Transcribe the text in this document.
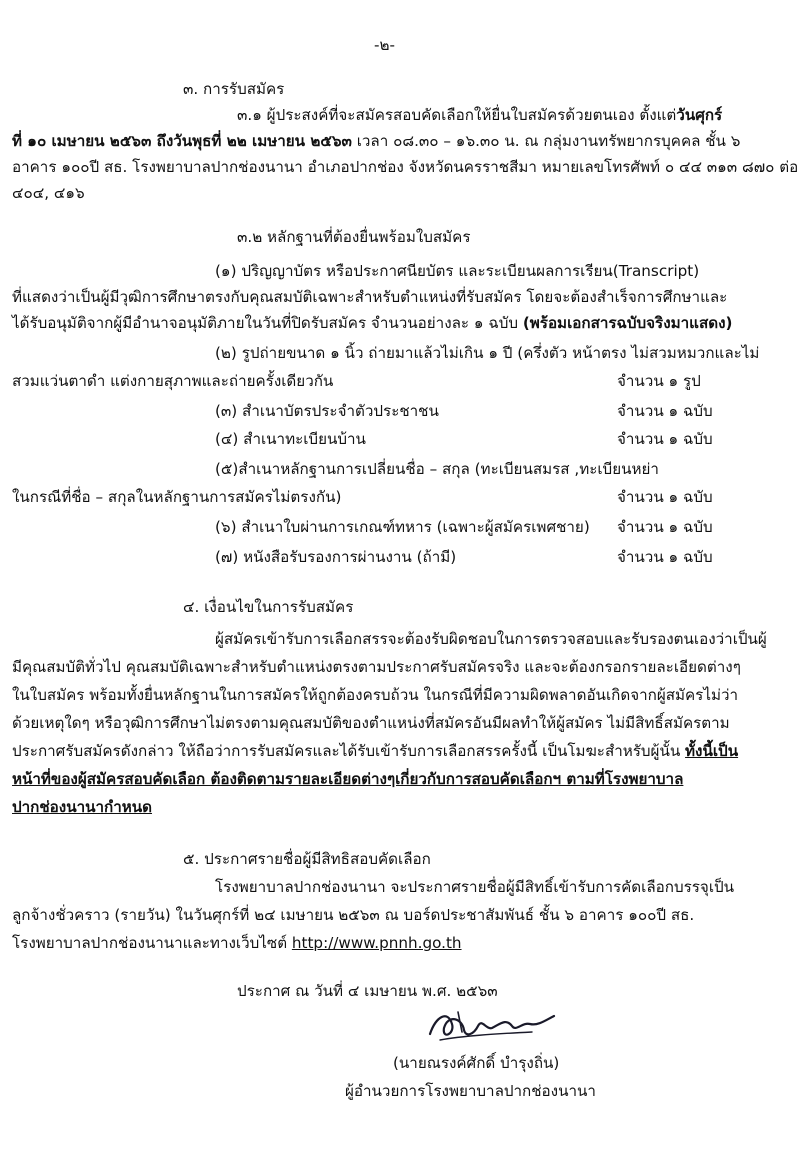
-๒-
๓. การรับสมัคร
๓.๑ ผู้ประสงค์ที่จะสมัครสอบคัดเลือกให้ยื่นใบสมัครด้วยตนเอง ตั้งแต่วันศุกร์
ที่ ๑๐ เมษายน ๒๕๖๓ ถึงวันพุธที่ ๒๒ เมษายน ๒๕๖๓ เวลา ๐๘.๓๐ – ๑๖.๓๐ น. ณ กลุ่มงานทรัพยากรบุคคล ชั้น ๖
อาคาร ๑๐๐ปี สธ. โรงพยาบาลปากช่องนานา อำเภอปากช่อง จังหวัดนครราชสีมา หมายเลขโทรศัพท์ ๐ ๔๔ ๓๑๓ ๘๗๐ ต่อ
๔๐๔, ๔๑๖
๓.๒ หลักฐานที่ต้องยื่นพร้อมใบสมัคร
(๑) ปริญญาบัตร หรือประกาศนียบัตร และระเบียนผลการเรียน(Transcript)
ที่แสดงว่าเป็นผู้มีวุฒิการศึกษาตรงกับคุณสมบัติเฉพาะสำหรับตำแหน่งที่รับสมัคร โดยจะต้องสำเร็จการศึกษาและ
ได้รับอนุมัติจากผู้มีอำนาจอนุมัติภายในวันที่ปิดรับสมัคร จำนวนอย่างละ ๑ ฉบับ (พร้อมเอกสารฉบับจริงมาแสดง)
(๒) รูปถ่ายขนาด ๑ นิ้ว ถ่ายมาแล้วไม่เกิน ๑ ปี (ครึ่งตัว หน้าตรง ไม่สวมหมวกและไม่
สวมแว่นตาดำ แต่งกายสุภาพและถ่ายครั้งเดียวกัน	จำนวน ๑ รูป
(๓) สำเนาบัตรประจำตัวประชาชน	จำนวน ๑ ฉบับ
(๔) สำเนาทะเบียนบ้าน	จำนวน ๑ ฉบับ
(๕)สำเนาหลักฐานการเปลี่ยนชื่อ – สกุล (ทะเบียนสมรส ,ทะเบียนหย่า
ในกรณีที่ชื่อ – สกุลในหลักฐานการสมัครไม่ตรงกัน)	จำนวน ๑ ฉบับ
(๖) สำเนาใบผ่านการเกณฑ์ทหาร (เฉพาะผู้สมัครเพศชาย) จำนวน ๑ ฉบับ
(๗) หนังสือรับรองการผ่านงาน (ถ้ามี)	จำนวน ๑ ฉบับ
๔. เงื่อนไขในการรับสมัคร
ผู้สมัครเข้ารับการเลือกสรรจะต้องรับผิดชอบในการตรวจสอบและรับรองตนเองว่าเป็นผู้
มีคุณสมบัติทั่วไป คุณสมบัติเฉพาะสำหรับตำแหน่งตรงตามประกาศรับสมัครจริง และจะต้องกรอกรายละเอียดต่างๆ
ในใบสมัคร พร้อมทั้งยื่นหลักฐานในการสมัครให้ถูกต้องครบถ้วน ในกรณีที่มีความผิดพลาดอันเกิดจากผู้สมัครไม่ว่า
ด้วยเหตุใดๆ หรือวุฒิการศึกษาไม่ตรงตามคุณสมบัติของตำแหน่งที่สมัครอันมีผลทำให้ผู้สมัคร ไม่มีสิทธิ์สมัครตาม
ประกาศรับสมัครดังกล่าว ให้ถือว่าการรับสมัครและได้รับเข้ารับการเลือกสรรครั้งนี้ เป็นโมฆะสำหรับผู้นั้น ทั้งนี้เป็น
หน้าที่ของผู้สมัครสอบคัดเลือก ต้องติดตามรายละเอียดต่างๆเกี่ยวกับการสอบคัดเลือกฯ ตามที่โรงพยาบาล
ปากช่องนานากำหนด
๕. ประกาศรายชื่อผู้มีสิทธิสอบคัดเลือก
โรงพยาบาลปากช่องนานา จะประกาศรายชื่อผู้มีสิทธิ์เข้ารับการคัดเลือกบรรจุเป็น
ลูกจ้างชั่วคราว (รายวัน) ในวันศุกร์ที่ ๒๔ เมษายน ๒๕๖๓ ณ บอร์ดประชาสัมพันธ์ ชั้น ๖ อาคาร ๑๐๐ปี สธ.
โรงพยาบาลปากช่องนานาและทางเว็บไซต์ http://www.pnnh.go.th
ประกาศ ณ วันที่ ๔ เมษายน พ.ศ. ๒๕๖๓
(นายณรงค์ศักดิ์ บำรุงถิ่น)
ผู้อำนวยการโรงพยาบาลปากช่องนานา
